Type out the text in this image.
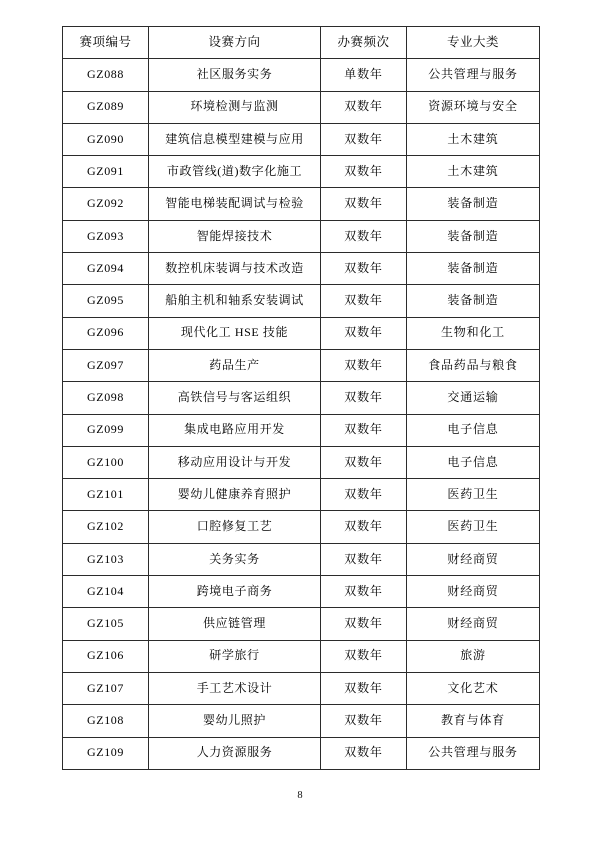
赛项编号	设赛方向	办赛频次	专业大类
GZ088	社区服务实务	单数年	公共管理与服务
GZ089	环境检测与监测	双数年	资源环境与安全
GZ090	建筑信息模型建模与应用	双数年	土木建筑
GZ091	市政管线(道)数字化施工	双数年	土木建筑
GZ092	智能电梯装配调试与检验	双数年	装备制造
GZ093	智能焊接技术	双数年	装备制造
GZ094	数控机床装调与技术改造	双数年	装备制造
GZ095	船舶主机和轴系安装调试	双数年	装备制造
GZ096	现代化工 HSE 技能	双数年	生物和化工
GZ097	药品生产	双数年	食品药品与粮食
GZ098	高铁信号与客运组织	双数年	交通运输
GZ099	集成电路应用开发	双数年	电子信息
GZ100	移动应用设计与开发	双数年	电子信息
GZ101	婴幼儿健康养育照护	双数年	医药卫生
GZ102	口腔修复工艺	双数年	医药卫生
GZ103	关务实务	双数年	财经商贸
GZ104	跨境电子商务	双数年	财经商贸
GZ105	供应链管理	双数年	财经商贸
GZ106	研学旅行	双数年	旅游
GZ107	手工艺术设计	双数年	文化艺术
GZ108	婴幼儿照护	双数年	教育与体育
GZ109	人力资源服务	双数年	公共管理与服务
8
